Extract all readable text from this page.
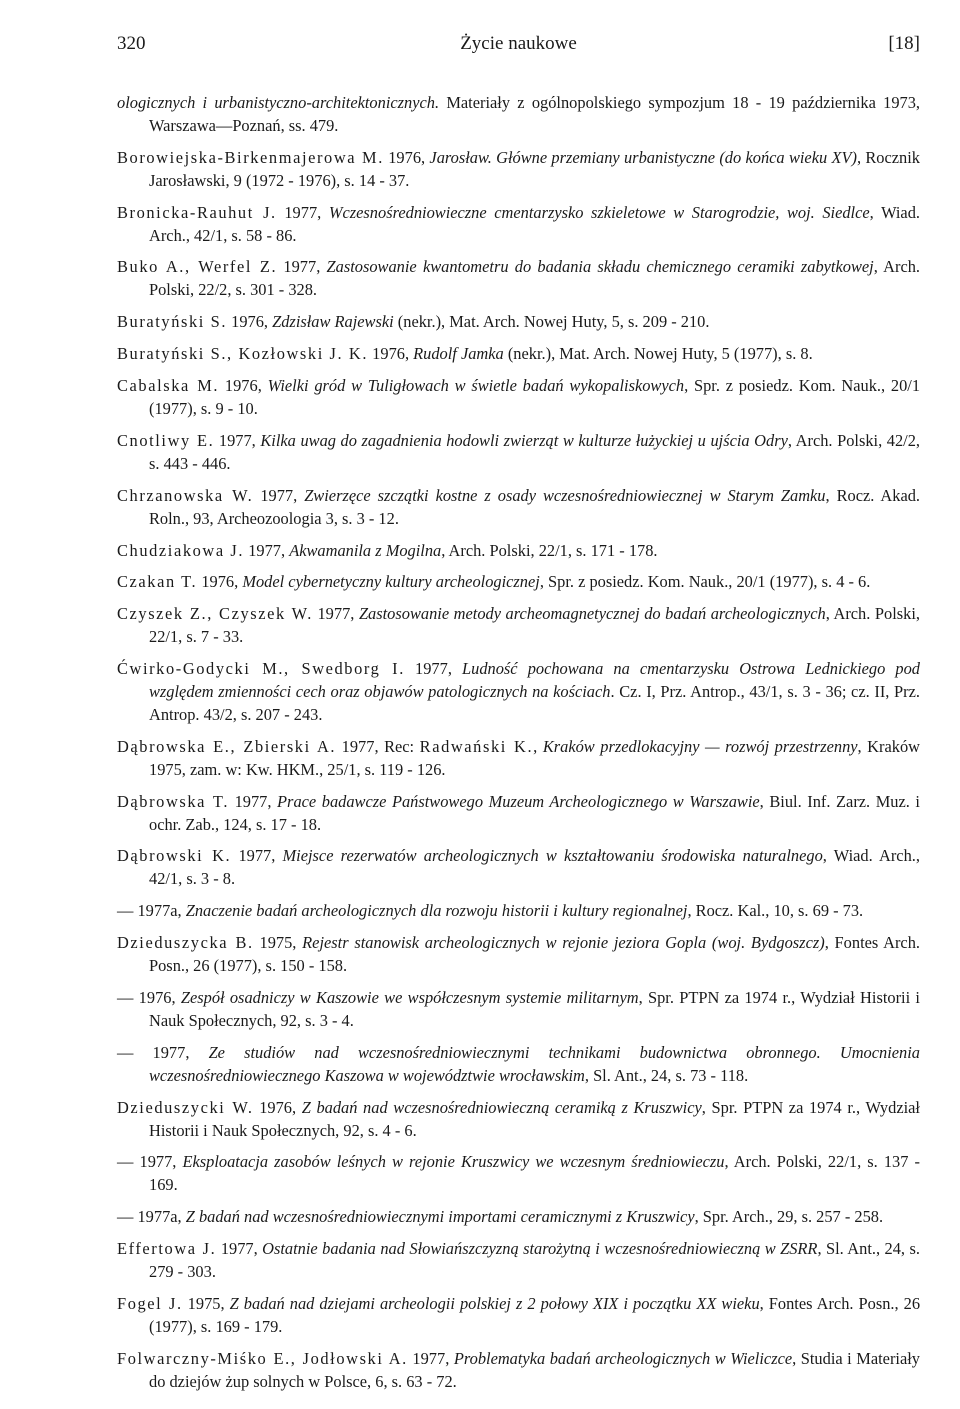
320	Życie naukowe	[18]

ologicznych i urbanistyczno-architektonicznych. Materiały z ogólnopolskiego sympozjum 18 - 19 października 1973, Warszawa—Poznań, ss. 479.

Borowiejska-Birkenmajerowa M. 1976, Jarosław. Główne przemiany urbanistyczne (do końca wieku XV), Rocznik Jarosławski, 9 (1972 - 1976), s. 14 - 37.

Bronicka-Rauhut J. 1977, Wczesnośredniowieczne cmentarzysko szkieletowe w Starogrodzie, woj. Siedlce, Wiad. Arch., 42/1, s. 58 - 86.

Buko A., Werfel Z. 1977, Zastosowanie kwantometru do badania składu chemicznego ceramiki zabytkowej, Arch. Polski, 22/2, s. 301 - 328.

Buratyński S. 1976, Zdzisław Rajewski (nekr.), Mat. Arch. Nowej Huty, 5, s. 209 - 210.

Buratyński S., Kozłowski J. K. 1976, Rudolf Jamka (nekr.), Mat. Arch. Nowej Huty, 5 (1977), s. 8.

Cabalska M. 1976, Wielki gród w Tuligłowach w świetle badań wykopaliskowych, Spr. z posiedz. Kom. Nauk., 20/1 (1977), s. 9 - 10.

Cnotliwy E. 1977, Kilka uwag do zagadnienia hodowli zwierząt w kulturze łużyckiej u ujścia Odry, Arch. Polski, 42/2, s. 443 - 446.

Chrzanowska W. 1977, Zwierzęce szczątki kostne z osady wczesnośredniowiecznej w Starym Zamku, Rocz. Akad. Roln., 93, Archeozoologia 3, s. 3 - 12.

Chudziakowa J. 1977, Akwamanila z Mogilna, Arch. Polski, 22/1, s. 171 - 178.

Czakan T. 1976, Model cybernetyczny kultury archeologicznej, Spr. z posiedz. Kom. Nauk., 20/1 (1977), s. 4 - 6.

Czyszek Z., Czyszek W. 1977, Zastosowanie metody archeomagnetycznej do badań archeologicznych, Arch. Polski, 22/1, s. 7 - 33.

Ćwirko-Godycki M., Swedborg I. 1977, Ludność pochowana na cmentarzysku Ostrowa Lednickiego pod względem zmienności cech oraz objawów patologicznych na kościach. Cz. I, Prz. Antrop., 43/1, s. 3 - 36; cz. II, Prz. Antrop. 43/2, s. 207 - 243.

Dąbrowska E., Zbierski A. 1977, Rec: Radwański K., Kraków przedlokacyjny — rozwój przestrzenny, Kraków 1975, zam. w: Kw. HKM., 25/1, s. 119 - 126.

Dąbrowska T. 1977, Prace badawcze Państwowego Muzeum Archeologicznego w Warszawie, Biul. Inf. Zarz. Muz. i ochr. Zab., 124, s. 17 - 18.

Dąbrowski K. 1977, Miejsce rezerwatów archeologicznych w kształtowaniu środowiska naturalnego, Wiad. Arch., 42/1, s. 3 - 8.

— 1977a, Znaczenie badań archeologicznych dla rozwoju historii i kultury regionalnej, Rocz. Kal., 10, s. 69 - 73.

Dzieduszycka B. 1975, Rejestr stanowisk archeologicznych w rejonie jeziora Gopla (woj. Bydgoszcz), Fontes Arch. Posn., 26 (1977), s. 150 - 158.

— 1976, Zespół osadniczy w Kaszowie we współczesnym systemie militarnym, Spr. PTPN za 1974 r., Wydział Historii i Nauk Społecznych, 92, s. 3 - 4.

— 1977, Ze studiów nad wczesnośredniowiecznymi technikami budownictwa obronnego. Umocnienia wczesnośredniowiecznego Kaszowa w województwie wrocławskim, Sl. Ant., 24, s. 73 - 118.

Dzieduszycki W. 1976, Z badań nad wczesnośredniowieczną ceramiką z Kruszwicy, Spr. PTPN za 1974 r., Wydział Historii i Nauk Społecznych, 92, s. 4 - 6.

— 1977, Eksploatacja zasobów leśnych w rejonie Kruszwicy we wczesnym średniowieczu, Arch. Polski, 22/1, s. 137 - 169.

— 1977a, Z badań nad wczesnośredniowiecznymi importami ceramicznymi z Kruszwicy, Spr. Arch., 29, s. 257 - 258.

Effertowa J. 1977, Ostatnie badania nad Słowiańszczyzną starożytną i wczesnośredniowieczną w ZSRR, Sl. Ant., 24, s. 279 - 303.

Fogel J. 1975, Z badań nad dziejami archeologii polskiej z 2 połowy XIX i początku XX wieku, Fontes Arch. Posn., 26 (1977), s. 169 - 179.

Folwarczny-Miśko E., Jodłowski A. 1977, Problematyka badań archeologicznych w Wieliczce, Studia i Materiały do dziejów żup solnych w Polsce, 6, s. 63 - 72.
